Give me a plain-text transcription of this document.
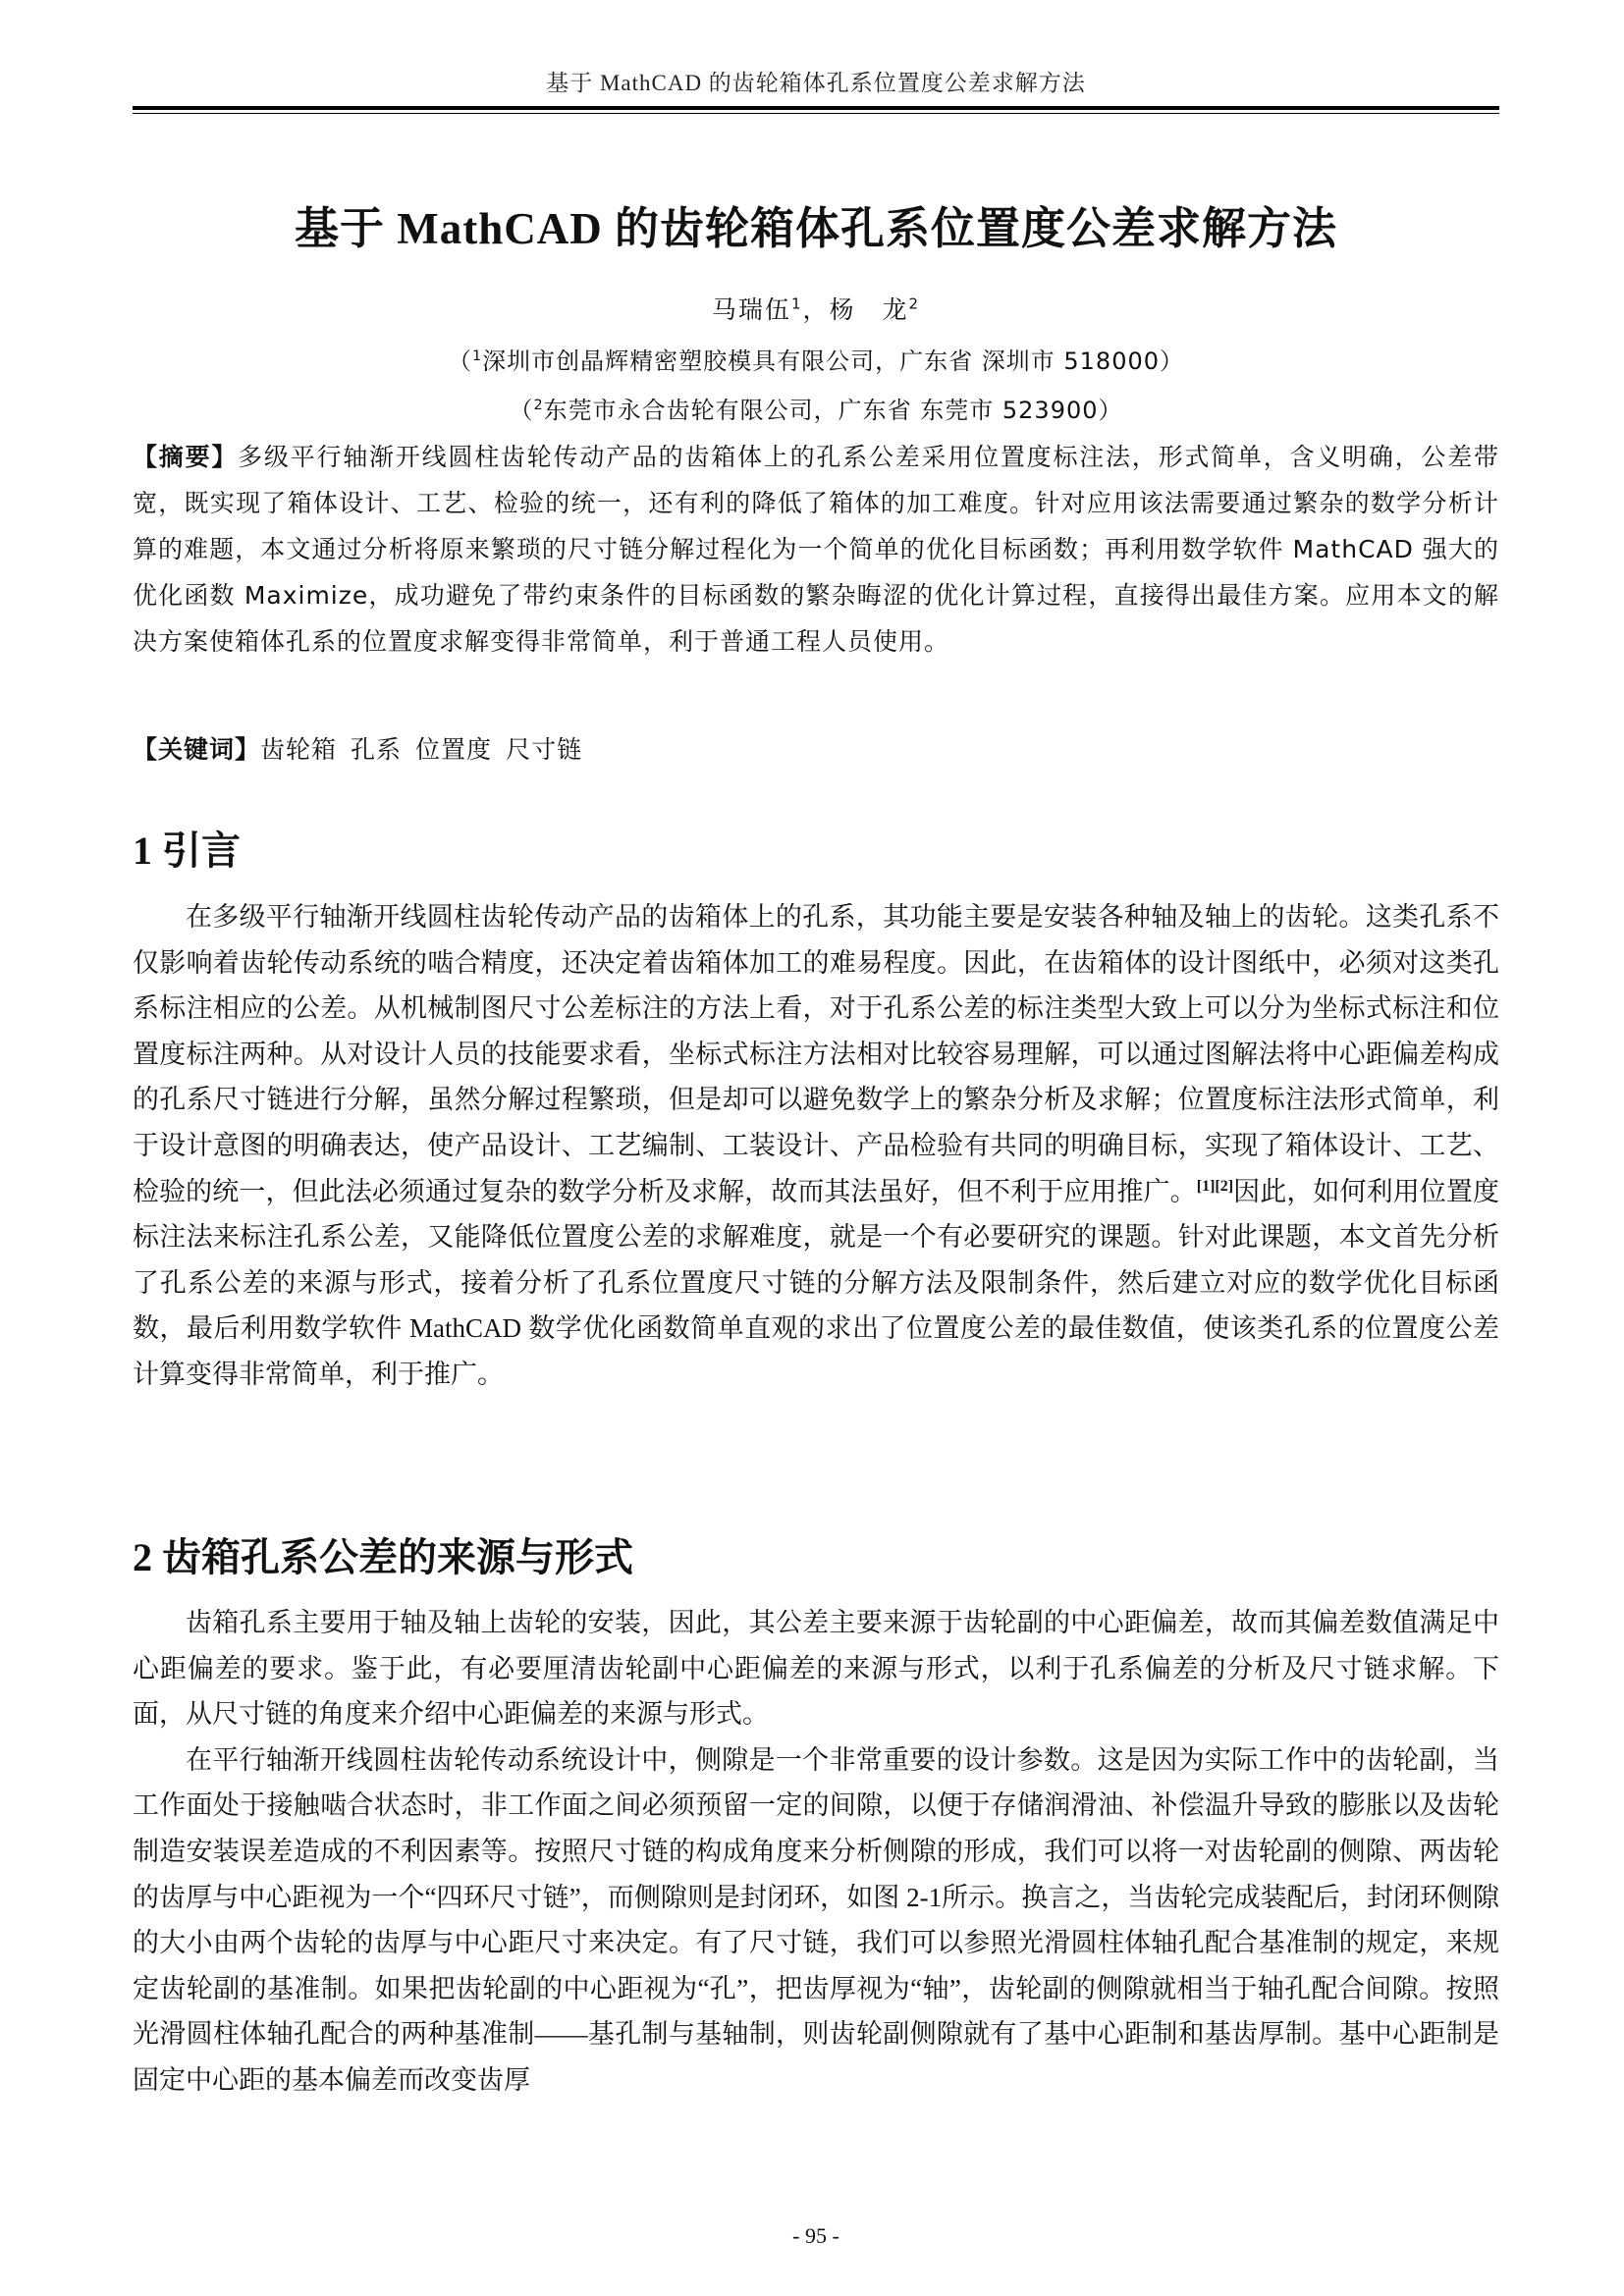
基于 MathCAD 的齿轮箱体孔系位置度公差求解方法
基于 MathCAD 的齿轮箱体孔系位置度公差求解方法
马瑞伍$^1$，杨　龙$^2$
（$^1$深圳市创晶辉精密塑胶模具有限公司，广东省 深圳市 518000）
（$^2$东莞市永合齿轮有限公司，广东省 东莞市 523900）
【摘要】多级平行轴渐开线圆柱齿轮传动产品的齿箱体上的孔系公差采用位置度标注法，形式简单，含义明确，公差带宽，既实现了箱体设计、工艺、检验的统一，还有利的降低了箱体的加工难度。针对应用该法需要通过繁杂的数学分析计算的难题，本文通过分析将原来繁琐的尺寸链分解过程化为一个简单的优化目标函数；再利用数学软件 MathCAD 强大的优化函数 Maximize，成功避免了带约束条件的目标函数的繁杂晦涩的优化计算过程，直接得出最佳方案。应用本文的解决方案使箱体孔系的位置度求解变得非常简单，利于普通工程人员使用。
【关键词】齿轮箱 孔系 位置度 尺寸链
1 引言

在多级平行轴渐开线圆柱齿轮传动产品的齿箱体上的孔系，其功能主要是安装各种轴及轴上的齿轮。这类孔系不仅影响着齿轮传动系统的啮合精度，还决定着齿箱体加工的难易程度。因此，在齿箱体的设计图纸中，必须对这类孔系标注相应的公差。从机械制图尺寸公差标注的方法上看，对于孔系公差的标注类型大致上可以分为坐标式标注和位置度标注两种。从对设计人员的技能要求看，坐标式标注方法相对比较容易理解，可以通过图解法将中心距偏差构成的孔系尺寸链进行分解，虽然分解过程繁琐，但是却可以避免数学上的繁杂分析及求解；位置度标注法形式简单，利于设计意图的明确表达，使产品设计、工艺编制、工装设计、产品检验有共同的明确目标，实现了箱体设计、工艺、检验的统一，但此法必须通过复杂的数学分析及求解，故而其法虽好，但不利于应用推广。[1][2]因此，如何利用位置度标注法来标注孔系公差，又能降低位置度公差的求解难度，就是一个有必要研究的课题。针对此课题，本文首先分析了孔系公差的来源与形式，接着分析了孔系位置度尺寸链的分解方法及限制条件，然后建立对应的数学优化目标函数，最后利用数学软件 MathCAD 数学优化函数简单直观的求出了位置度公差的最佳数值，使该类孔系的位置度公差计算变得非常简单，利于推广。

2 齿箱孔系公差的来源与形式

齿箱孔系主要用于轴及轴上齿轮的安装，因此，其公差主要来源于齿轮副的中心距偏差，故而其偏差数值满足中心距偏差的要求。鉴于此，有必要厘清齿轮副中心距偏差的来源与形式，以利于孔系偏差的分析及尺寸链求解。下面，从尺寸链的角度来介绍中心距偏差的来源与形式。

在平行轴渐开线圆柱齿轮传动系统设计中，侧隙是一个非常重要的设计参数。这是因为实际工作中的齿轮副，当工作面处于接触啮合状态时，非工作面之间必须预留一定的间隙，以便于存储润滑油、补偿温升导致的膨胀以及齿轮制造安装误差造成的不利因素等。按照尺寸链的构成角度来分析侧隙的形成，我们可以将一对齿轮副的侧隙、两齿轮的齿厚与中心距视为一个“四环尺寸链”，而侧隙则是封闭环，如图 2-1所示。换言之，当齿轮完成装配后，封闭环侧隙的大小由两个齿轮的齿厚与中心距尺寸来决定。有了尺寸链，我们可以参照光滑圆柱体轴孔配合基准制的规定，来规定齿轮副的基准制。如果把齿轮副的中心距视为“孔”，把齿厚视为“轴”，齿轮副的侧隙就相当于轴孔配合间隙。按照光滑圆柱体轴孔配合的两种基准制——基孔制与基轴制，则齿轮副侧隙就有了基中心距制和基齿厚制。基中心距制是固定中心距的基本偏差而改变齿厚

- 95 -
